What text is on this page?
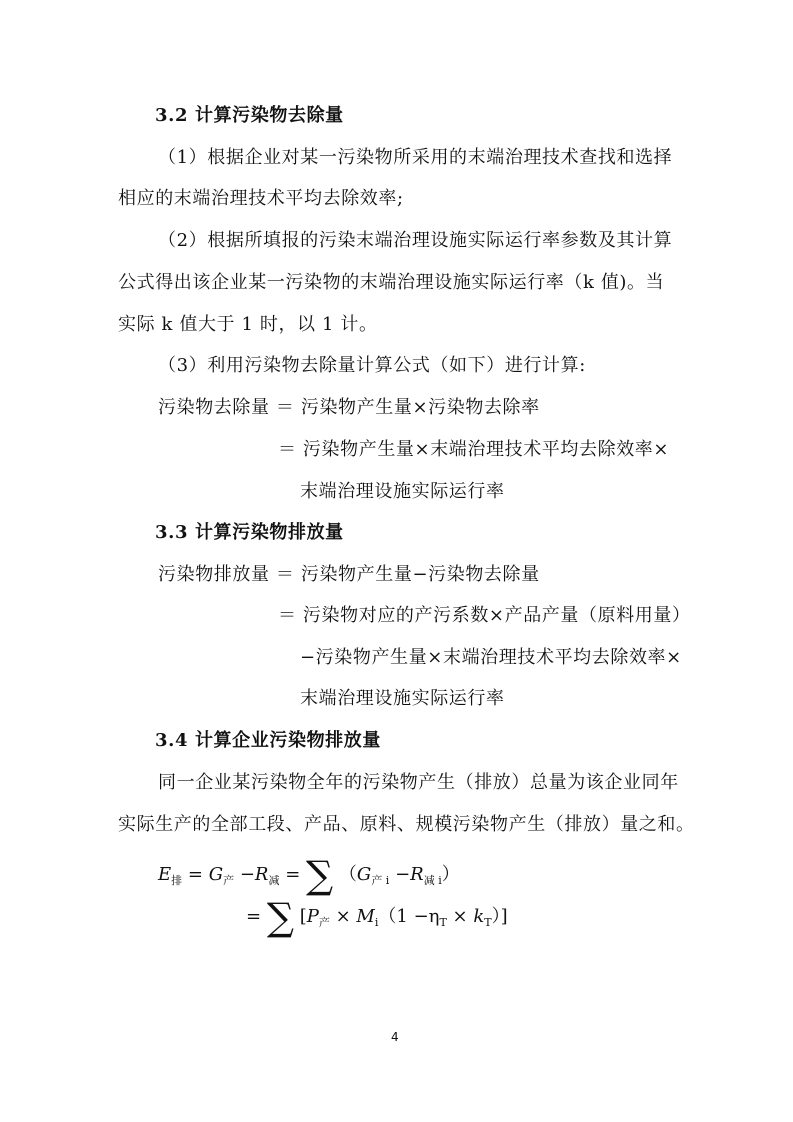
3.2 计算污染物去除量
（1）根据企业对某一污染物所采用的末端治理技术查找和选择
相应的末端治理技术平均去除效率;
（2）根据所填报的污染末端治理设施实际运行率参数及其计算
公式得出该企业某一污染物的末端治理设施实际运行率（k 值)。当
实际 k 值大于 1 时，以 1 计。
（3）利用污染物去除量计算公式（如下）进行计算:
污染物去除量 ＝ 污染物产生量×污染物去除率
＝ 污染物产生量×末端治理技术平均去除效率×
末端治理设施实际运行率
3.3 计算污染物排放量
污染物排放量 ＝ 污染物产生量−污染物去除量
＝ 污染物对应的产污系数×产品产量（原料用量）
−污染物产生量×末端治理技术平均去除效率×
末端治理设施实际运行率
3.4 计算企业污染物排放量
同一企业某污染物全年的污染物产生（排放）总量为该企业同年
实际生产的全部工段、产品、原料、规模污染物产生（排放）量之和。
$E_排 = G_产 -R_减$ = ∑ $(G_{产 i} -R_{减 i})$
= ∑ $[P_产 \times M_i(1 -\eta_T \times k_T)]$
4
